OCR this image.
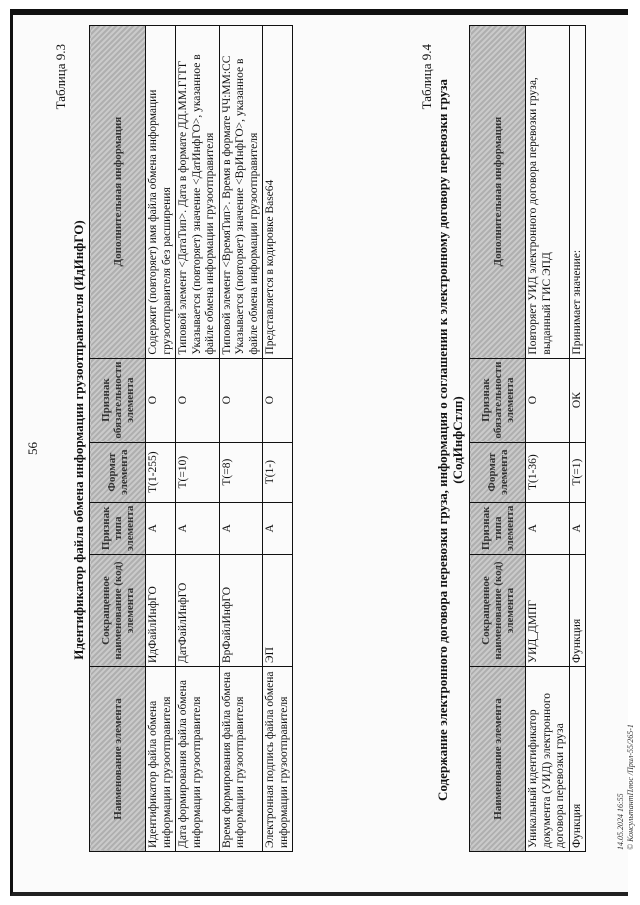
56
Таблица 9.3
Идентификатор файла обмена информации грузоотправителя (ИдИнфГО)
Наименование элемента	Сокращенное наименование (код) элемента	Признак типа элемента	Формат элемента	Признак обязательности элемента	Дополнительная информация
Идентификатор файла обмена информации грузоотправителя	ИдФайлИнфГО	А	T(1-255)	О	Содержит (повторяет) имя файла обмена информации грузоотправителя без расширения
Дата формирования файла обмена информации грузоотправителя	ДатФайлИнфГО	А	T(=10)	О	Типовой элемент <ДатаТип>. Дата в формате ДД.ММ.ГГГГ Указывается (повторяет) значение <ДатИнфГО>, указанное в файле обмена информации грузоотправителя
Время формирования файла обмена информации грузоотправителя	ВрФайлИнфГО	А	T(=8)	О	Типовой элемент <ВремяТип>. Время в формате ЧЧ:ММ:СС Указывается (повторяет) значение <ВрИнфГО>, указанное в файле обмена информации грузоотправителя
Электронная подпись файла обмена информации грузоотправителя	ЭП	А	T(1-)	О	Представляется в кодировке Base64
Таблица 9.4
Содержание электронного договора перевозки груза, информация о соглашении к электронному договору перевозки груза (СодИнфСтлп)
Наименование элемента	Сокращенное наименование (код) элемента	Признак типа элемента	Формат элемента	Признак обязательности элемента	Дополнительная информация
Уникальный идентификатор документа (УИД) электронного договора перевозки груза	УИД_ДМПГ	А	T(1-36)	О	Повторяет УИД электронного договора перевозки груза, выданный ГИС ЭПД
Функция	Функция	А	T(=1)	ОК	Принимает значение:
14.05.2024 16:55 © КонсультантПлюс /Прил-55/265-1
